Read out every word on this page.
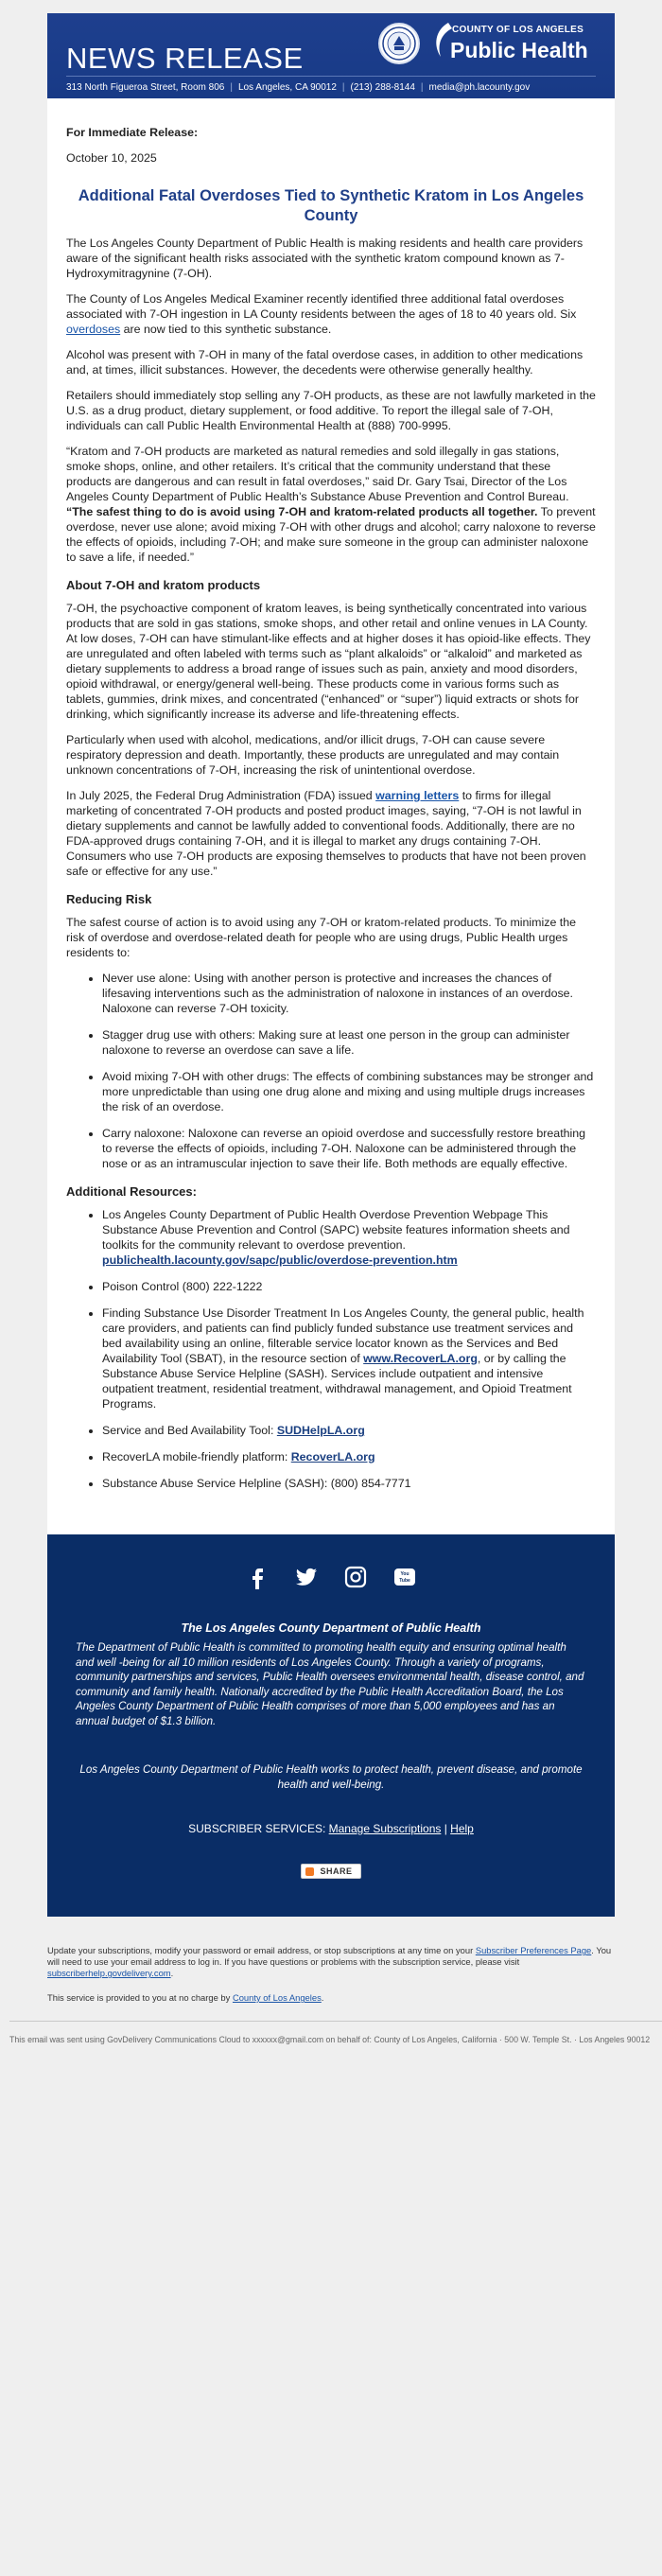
NEWS RELEASE
COUNTY OF LOS ANGELES
Public Health
313 North Figueroa Street, Room 806 | Los Angeles, CA 90012 | (213) 288-8144 | media@ph.lacounty.gov

For Immediate Release:

October 10, 2025

Additional Fatal Overdoses Tied to Synthetic Kratom in Los Angeles County

The Los Angeles County Department of Public Health is making residents and health care providers aware of the significant health risks associated with the synthetic kratom compound known as 7-Hydroxymitragynine (7-OH).

The County of Los Angeles Medical Examiner recently identified three additional fatal overdoses associated with 7-OH ingestion in LA County residents between the ages of 18 to 40 years old. Six overdoses are now tied to this synthetic substance.

Alcohol was present with 7-OH in many of the fatal overdose cases, in addition to other medications and, at times, illicit substances. However, the decedents were otherwise generally healthy.

Retailers should immediately stop selling any 7-OH products, as these are not lawfully marketed in the U.S. as a drug product, dietary supplement, or food additive. To report the illegal sale of 7-OH, individuals can call Public Health Environmental Health at (888) 700-9995.

“Kratom and 7-OH products are marketed as natural remedies and sold illegally in gas stations, smoke shops, online, and other retailers. It’s critical that the community understand that these products are dangerous and can result in fatal overdoses,” said Dr. Gary Tsai, Director of the Los Angeles County Department of Public Health’s Substance Abuse Prevention and Control Bureau. “The safest thing to do is avoid using 7-OH and kratom-related products all together. To prevent overdose, never use alone; avoid mixing 7-OH with other drugs and alcohol; carry naloxone to reverse the effects of opioids, including 7-OH; and make sure someone in the group can administer naloxone to save a life, if needed.”

About 7-OH and kratom products

7-OH, the psychoactive component of kratom leaves, is being synthetically concentrated into various products that are sold in gas stations, smoke shops, and other retail and online venues in LA County. At low doses, 7-OH can have stimulant-like effects and at higher doses it has opioid-like effects. They are unregulated and often labeled with terms such as “plant alkaloids” or “alkaloid” and marketed as dietary supplements to address a broad range of issues such as pain, anxiety and mood disorders, opioid withdrawal, or energy/general well-being. These products come in various forms such as tablets, gummies, drink mixes, and concentrated (“enhanced” or “super”) liquid extracts or shots for drinking, which significantly increase its adverse and life-threatening effects.

Particularly when used with alcohol, medications, and/or illicit drugs, 7-OH can cause severe respiratory depression and death. Importantly, these products are unregulated and may contain unknown concentrations of 7-OH, increasing the risk of unintentional overdose.

In July 2025, the Federal Drug Administration (FDA) issued warning letters to firms for illegal marketing of concentrated 7-OH products and posted product images, saying, “7-OH is not lawful in dietary supplements and cannot be lawfully added to conventional foods. Additionally, there are no FDA-approved drugs containing 7-OH, and it is illegal to market any drugs containing 7-OH. Consumers who use 7-OH products are exposing themselves to products that have not been proven safe or effective for any use.”

Reducing Risk

The safest course of action is to avoid using any 7-OH or kratom-related products. To minimize the risk of overdose and overdose-related death for people who are using drugs, Public Health urges residents to:

• Never use alone: Using with another person is protective and increases the chances of lifesaving interventions such as the administration of naloxone in instances of an overdose. Naloxone can reverse 7-OH toxicity.
• Stagger drug use with others: Making sure at least one person in the group can administer naloxone to reverse an overdose can save a life.
• Avoid mixing 7-OH with other drugs: The effects of combining substances may be stronger and more unpredictable than using one drug alone and mixing and using multiple drugs increases the risk of an overdose.
• Carry naloxone: Naloxone can reverse an opioid overdose and successfully restore breathing to reverse the effects of opioids, including 7-OH. Naloxone can be administered through the nose or as an intramuscular injection to save their life. Both methods are equally effective.
Additional Resources:
• Los Angeles County Department of Public Health Overdose Prevention Webpage This Substance Abuse Prevention and Control (SAPC) website features information sheets and toolkits for the community relevant to overdose prevention. publichealth.lacounty.gov/sapc/public/overdose-prevention.htm
• Poison Control (800) 222-1222
• Finding Substance Use Disorder Treatment In Los Angeles County, the general public, health care providers, and patients can find publicly funded substance use treatment services and bed availability using an online, filterable service locator known as the Services and Bed Availability Tool (SBAT), in the resource section of www.RecoverLA.org, or by calling the Substance Abuse Service Helpline (SASH). Services include outpatient and intensive outpatient treatment, residential treatment, withdrawal management, and Opioid Treatment Programs.
• Service and Bed Availability Tool: SUDHelpLA.org
• RecoverLA mobile-friendly platform: RecoverLA.org
• Substance Abuse Service Helpline (SASH): (800) 854-7771
You
Tube
The Los Angeles County Department of Public Health

The Department of Public Health is committed to promoting health equity and ensuring optimal health and well -being for all 10 million residents of Los Angeles County. Through a variety of programs, community partnerships and services, Public Health oversees environmental health, disease control, and community and family health. Nationally accredited by the Public Health Accreditation Board, the Los Angeles County Department of Public Health comprises of more than 5,000 employees and has an annual budget of $1.3 billion.

Los Angeles County Department of Public Health works to protect health, prevent disease, and promote health and well-being.
SUBSCRIBER SERVICES: Manage Subscriptions | Help
SHARE

Update your subscriptions, modify your password or email address, or stop subscriptions at any time on your Subscriber Preferences Page. You will need to use your email address to log in. If you have questions or problems with the subscription service, please visit subscriberhelp.govdelivery.com.

This service is provided to you at no charge by County of Los Angeles.

This email was sent using GovDelivery Communications Cloud to xxxxxx@gmail.com on behalf of: County of Los Angeles, California · 500 W. Temple St. · Los Angeles 90012
